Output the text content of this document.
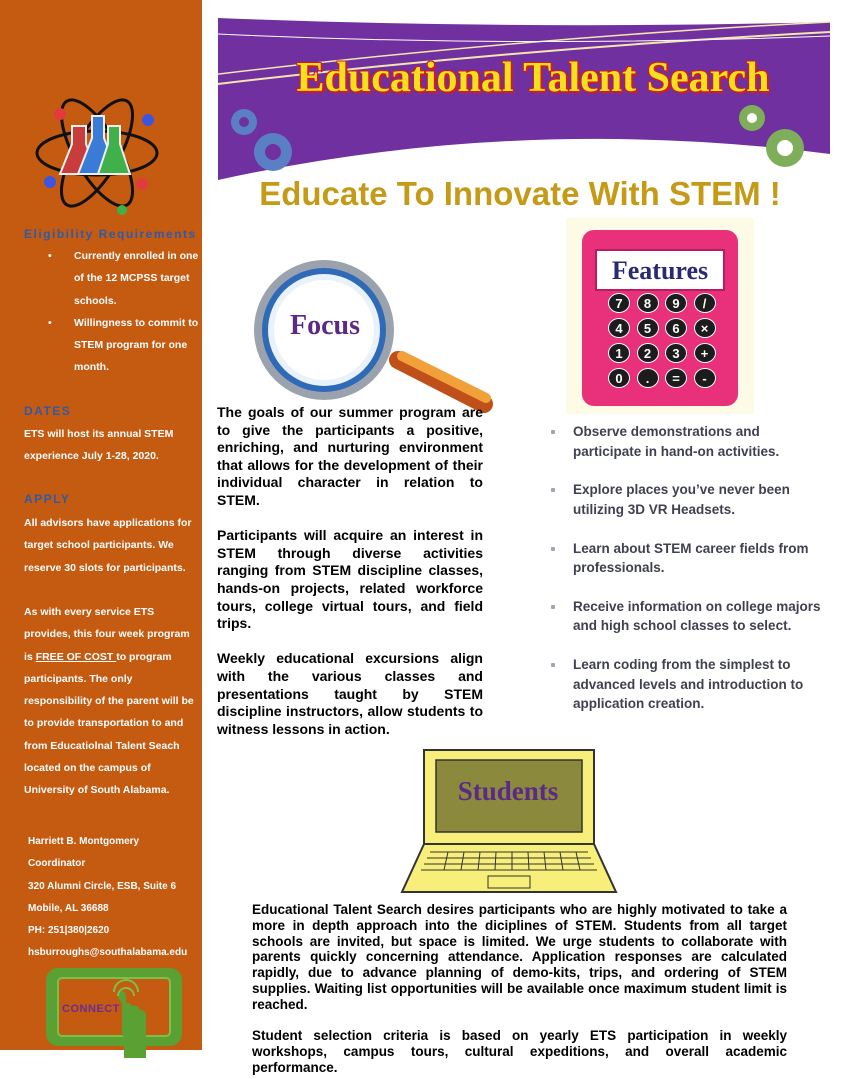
Eligibility Requirements
• Currently enrolled in one of the 12 MCPSS target schools.
• Willingness to commit to STEM program for one month.
DATES
ETS will host its annual STEM experience July 1-28, 2020.
APPLY
All advisors have applications for target school participants. We reserve 30 slots for participants.
As with every service ETS provides, this four week program is FREE OF COST to program participants. The only responsibility of the parent will be to provide transportation to and from Educatiolnal Talent Seach located on the campus of University of South Alabama.
Harriett B. Montgomery
Coordinator
320 Alumni Circle, ESB, Suite 6
Mobile, AL 36688
PH: 251|380|2620
hsburroughs@southalabama.edu
CONNECT
Educational Talent Search
Educate To Innovate With STEM !
Focus
Features
7	8	9	/
4	5	6	×
1	2	3	+
0	.	=	-
Students

The goals of our summer program are to give the participants a positive, enriching, and nurturing environment that allows for the development of their individual character in relation to STEM.

Participants will acquire an interest in STEM through diverse activities ranging from STEM discipline classes, hands-on projects, related workforce tours, college virtual tours, and field trips.

Weekly educational excursions align with the various classes and presentations taught by STEM discipline instructors, allow students to witness lessons in action.

Observe demonstrations and participate in hand-on activities.
Explore places you’ve never been utilizing 3D VR Headsets.
Learn about STEM career fields from professionals.
Receive information on college majors and high school classes to select.
Learn coding from the simplest to advanced levels and introduction to application creation.

Educational Talent Search desires participants who are highly motivated to take a more in depth approach into the diciplines of STEM. Students from all target schools are invited, but space is limited. We urge students to collaborate with parents quickly concerning attendance. Application responses are calculated rapidly, due to advance planning of demo-kits, trips, and ordering of STEM supplies. Waiting list opportunities will be available once maximum student limit is reached.

Student selection criteria is based on yearly ETS participation in weekly workshops, campus tours, cultural expeditions, and overall academic performance.
